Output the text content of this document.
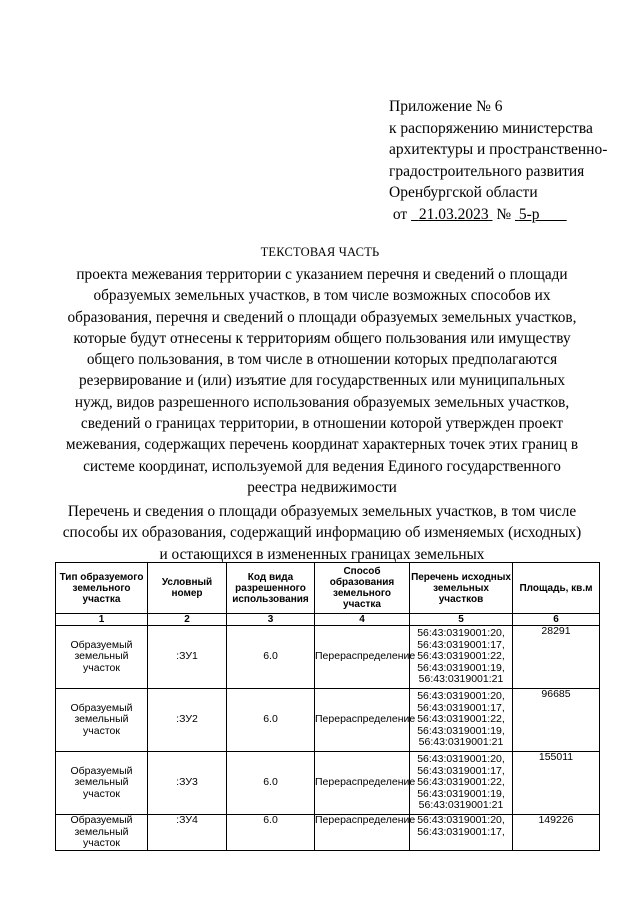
Приложение № 6
к распоряжению министерства
архитектуры и пространственно-
градостроительного развития
Оренбургской области
от 21.03.2023 № 5-р
ТЕКСТОВАЯ ЧАСТЬ
проекта межевания территории с указанием перечня и сведений о площади образуемых земельных участков, в том числе возможных способов их образования, перечня и сведений о площади образуемых земельных участков, которые будут отнесены к территориям общего пользования или имуществу общего пользования, в том числе в отношении которых предполагаются резервирование и (или) изъятие для государственных или муниципальных нужд, видов разрешенного использования образуемых земельных участков, сведений о границах территории, в отношении которой утвержден проект межевания, содержащих перечень координат характерных точек этих границ в системе координат, используемой для ведения Единого государственного реестра недвижимости
Перечень и сведения о площади образуемых земельных участков, в том числе способы их образования, содержащий информацию об изменяемых (исходных) и остающихся в измененных границах земельных
Тип образуемого земельного участка	Условный номер	Код вида разрешенного использования	Способ образования земельного участка	Перечень исходных земельных участков	Площадь, кв.м
1	2	3	4	5	6
Образуемый земельный участок	:ЗУ1	6.0	Перераспределение	56:43:0319001:20,
56:43:0319001:17,
56:43:0319001:22,
56:43:0319001:19,
56:43:0319001:21	28291
Образуемый земельный участок	:ЗУ2	6.0	Перераспределение	56:43:0319001:20,
56:43:0319001:17,
56:43:0319001:22,
56:43:0319001:19,
56:43:0319001:21	96685
Образуемый земельный участок	:ЗУ3	6.0	Перераспределение	56:43:0319001:20,
56:43:0319001:17,
56:43:0319001:22,
56:43:0319001:19,
56:43:0319001:21	155011
Образуемый земельный участок	:ЗУ4	6.0	Перераспределение	56:43:0319001:20,
56:43:0319001:17,	149226
